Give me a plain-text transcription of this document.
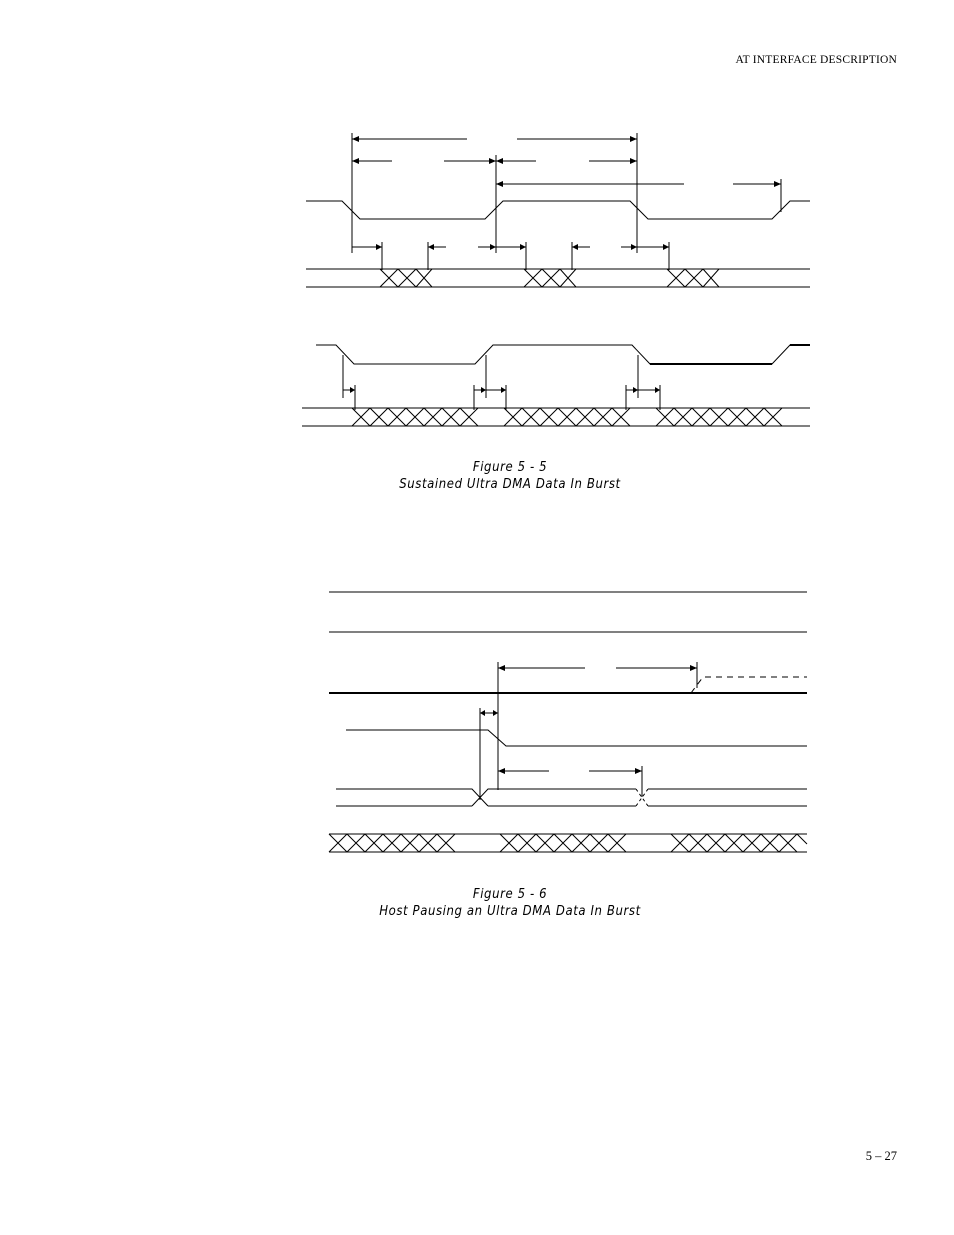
AT INTERFACE DESCRIPTION
Figure 5 - 5
Sustained Ultra DMA Data In Burst
Figure 5 - 6
Host Pausing an Ultra DMA Data In Burst
5 – 27
